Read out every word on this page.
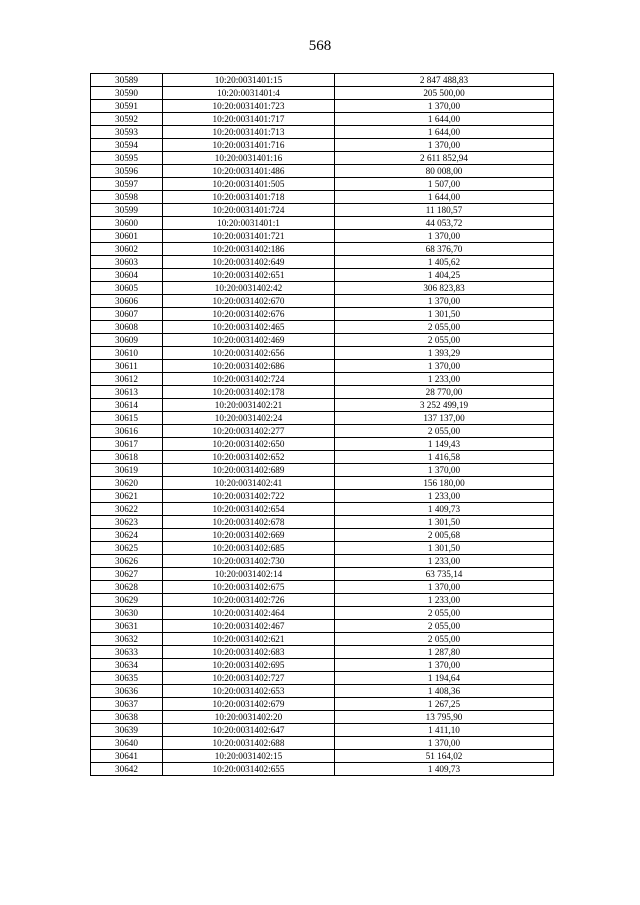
568
30589	10:20:0031401:15	2 847 488,83
30590	10:20:0031401:4	205 500,00
30591	10:20:0031401:723	1 370,00
30592	10:20:0031401:717	1 644,00
30593	10:20:0031401:713	1 644,00
30594	10:20:0031401:716	1 370,00
30595	10:20:0031401:16	2 611 852,94
30596	10:20:0031401:486	80 008,00
30597	10:20:0031401:505	1 507,00
30598	10:20:0031401:718	1 644,00
30599	10:20:0031401:724	11 180,57
30600	10:20:0031401:1	44 053,72
30601	10:20:0031401:721	1 370,00
30602	10:20:0031402:186	68 376,70
30603	10:20:0031402:649	1 405,62
30604	10:20:0031402:651	1 404,25
30605	10:20:0031402:42	306 823,83
30606	10:20:0031402:670	1 370,00
30607	10:20:0031402:676	1 301,50
30608	10:20:0031402:465	2 055,00
30609	10:20:0031402:469	2 055,00
30610	10:20:0031402:656	1 393,29
30611	10:20:0031402:686	1 370,00
30612	10:20:0031402:724	1 233,00
30613	10:20:0031402:178	28 770,00
30614	10:20:0031402:21	3 252 499,19
30615	10:20:0031402:24	137 137,00
30616	10:20:0031402:277	2 055,00
30617	10:20:0031402:650	1 149,43
30618	10:20:0031402:652	1 416,58
30619	10:20:0031402:689	1 370,00
30620	10:20:0031402:41	156 180,00
30621	10:20:0031402:722	1 233,00
30622	10:20:0031402:654	1 409,73
30623	10:20:0031402:678	1 301,50
30624	10:20:0031402:669	2 005,68
30625	10:20:0031402:685	1 301,50
30626	10:20:0031402:730	1 233,00
30627	10:20:0031402:14	63 735,14
30628	10:20:0031402:675	1 370,00
30629	10:20:0031402:726	1 233,00
30630	10:20:0031402:464	2 055,00
30631	10:20:0031402:467	2 055,00
30632	10:20:0031402:621	2 055,00
30633	10:20:0031402:683	1 287,80
30634	10:20:0031402:695	1 370,00
30635	10:20:0031402:727	1 194,64
30636	10:20:0031402:653	1 408,36
30637	10:20:0031402:679	1 267,25
30638	10:20:0031402:20	13 795,90
30639	10:20:0031402:647	1 411,10
30640	10:20:0031402:688	1 370,00
30641	10:20:0031402:15	51 164,02
30642	10:20:0031402:655	1 409,73
